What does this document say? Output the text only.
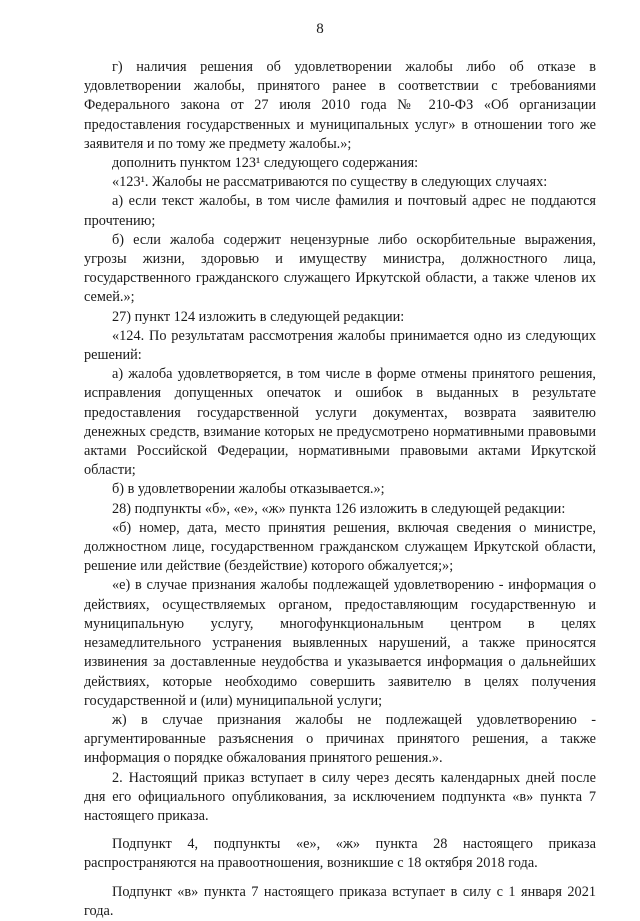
8

г) наличия решения об удовлетворении жалобы либо об отказе в удовлетворении жалобы, принятого ранее в соответствии с требованиями Федерального закона от 27 июля 2010 года № 210-ФЗ «Об организации предоставления государственных и муниципальных услуг» в отношении того же заявителя и по тому же предмету жалобы.»;

дополнить пунктом 123¹ следующего содержания:

«123¹. Жалобы не рассматриваются по существу в следующих случаях:

а) если текст жалобы, в том числе фамилия и почтовый адрес не поддаются прочтению;

б) если жалоба содержит нецензурные либо оскорбительные выражения, угрозы жизни, здоровью и имуществу министра, должностного лица, государственного гражданского служащего Иркутской области, а также членов их семей.»;

27) пункт 124 изложить в следующей редакции:

«124. По результатам рассмотрения жалобы принимается одно из следующих решений:

а) жалоба удовлетворяется, в том числе в форме отмены принятого решения, исправления допущенных опечаток и ошибок в выданных в результате предоставления государственной услуги документах, возврата заявителю денежных средств, взимание которых не предусмотрено нормативными правовыми актами Российской Федерации, нормативными правовыми актами Иркутской области;

б) в удовлетворении жалобы отказывается.»;

28) подпункты «б», «е», «ж» пункта 126 изложить в следующей редакции:

«б) номер, дата, место принятия решения, включая сведения о министре, должностном лице, государственном гражданском служащем Иркутской области, решение или действие (бездействие) которого обжалуется;»;

«е) в случае признания жалобы подлежащей удовлетворению - информация о действиях, осуществляемых органом, предоставляющим государственную и муниципальную услугу, многофункциональным центром в целях незамедлительного устранения выявленных нарушений, а также приносятся извинения за доставленные неудобства и указывается информация о дальнейших действиях, которые необходимо совершить заявителю в целях получения государственной и (или) муниципальной услуги;

ж) в случае признания жалобы не подлежащей удовлетворению - аргументированные разъяснения о причинах принятого решения, а также информация о порядке обжалования принятого решения.».

2. Настоящий приказ вступает в силу через десять календарных дней после дня его официального опубликования, за исключением подпункта «в» пункта 7 настоящего приказа.

Подпункт 4, подпункты «е», «ж» пункта 28 настоящего приказа распространяются на правоотношения, возникшие с 18 октября 2018 года.

Подпункт «в» пункта 7 настоящего приказа вступает в силу с 1 января 2021 года.
